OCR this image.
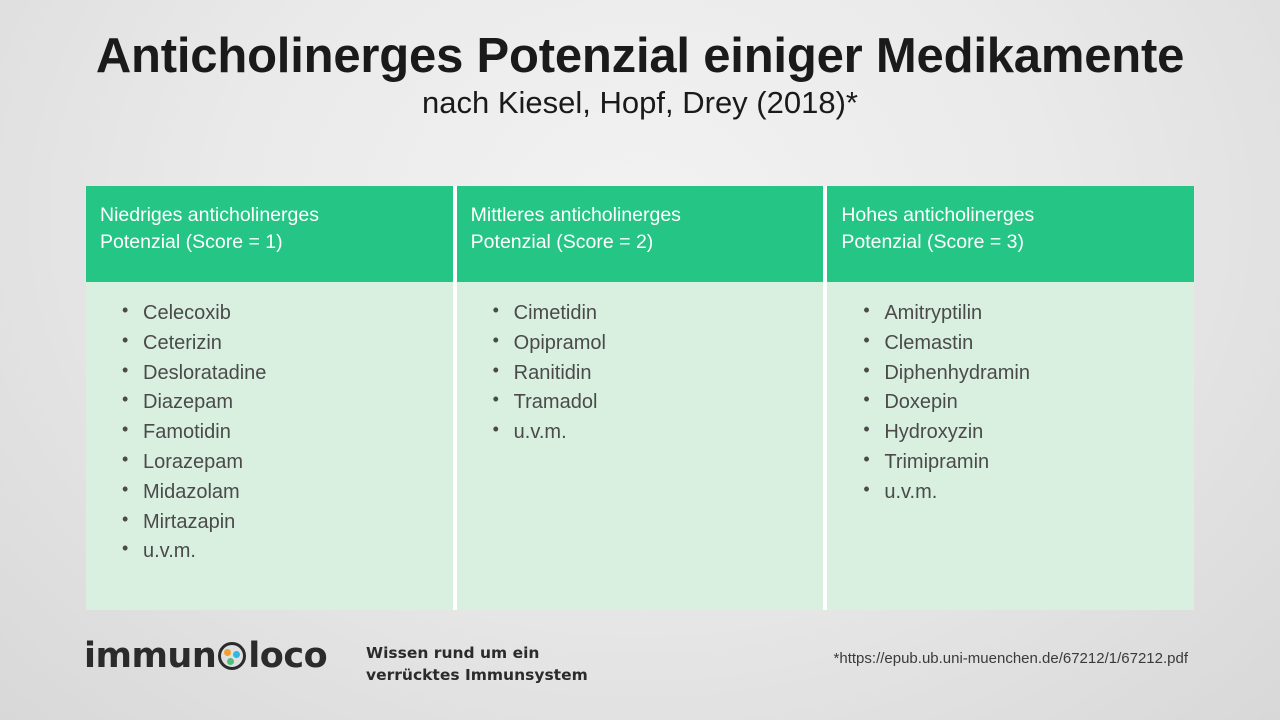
Anticholinerges Potenzial einiger Medikamente nach Kiesel, Hopf, Drey (2018)*
Niedriges anticholinerges
Potenzial (Score = 1)
• Celecoxib
• Ceterizin
• Desloratadine
• Diazepam
• Famotidin
• Lorazepam
• Midazolam
• Mirtazapin
• u.v.m.
Mittleres anticholinerges
Potenzial (Score = 2)
• Cimetidin
• Opipramol
• Ranitidin
• Tramadol
• u.v.m.
Hohes anticholinerges
Potenzial (Score = 3)
• Amitryptilin
• Clemastin
• Diphenhydramin
• Doxepin
• Hydroxyzin
• Trimipramin
• u.v.m.
immun loco	Wissen rund um ein
verrücktes Immunsystem
*https://epub.ub.uni-muenchen.de/67212/1/67212.pdf
